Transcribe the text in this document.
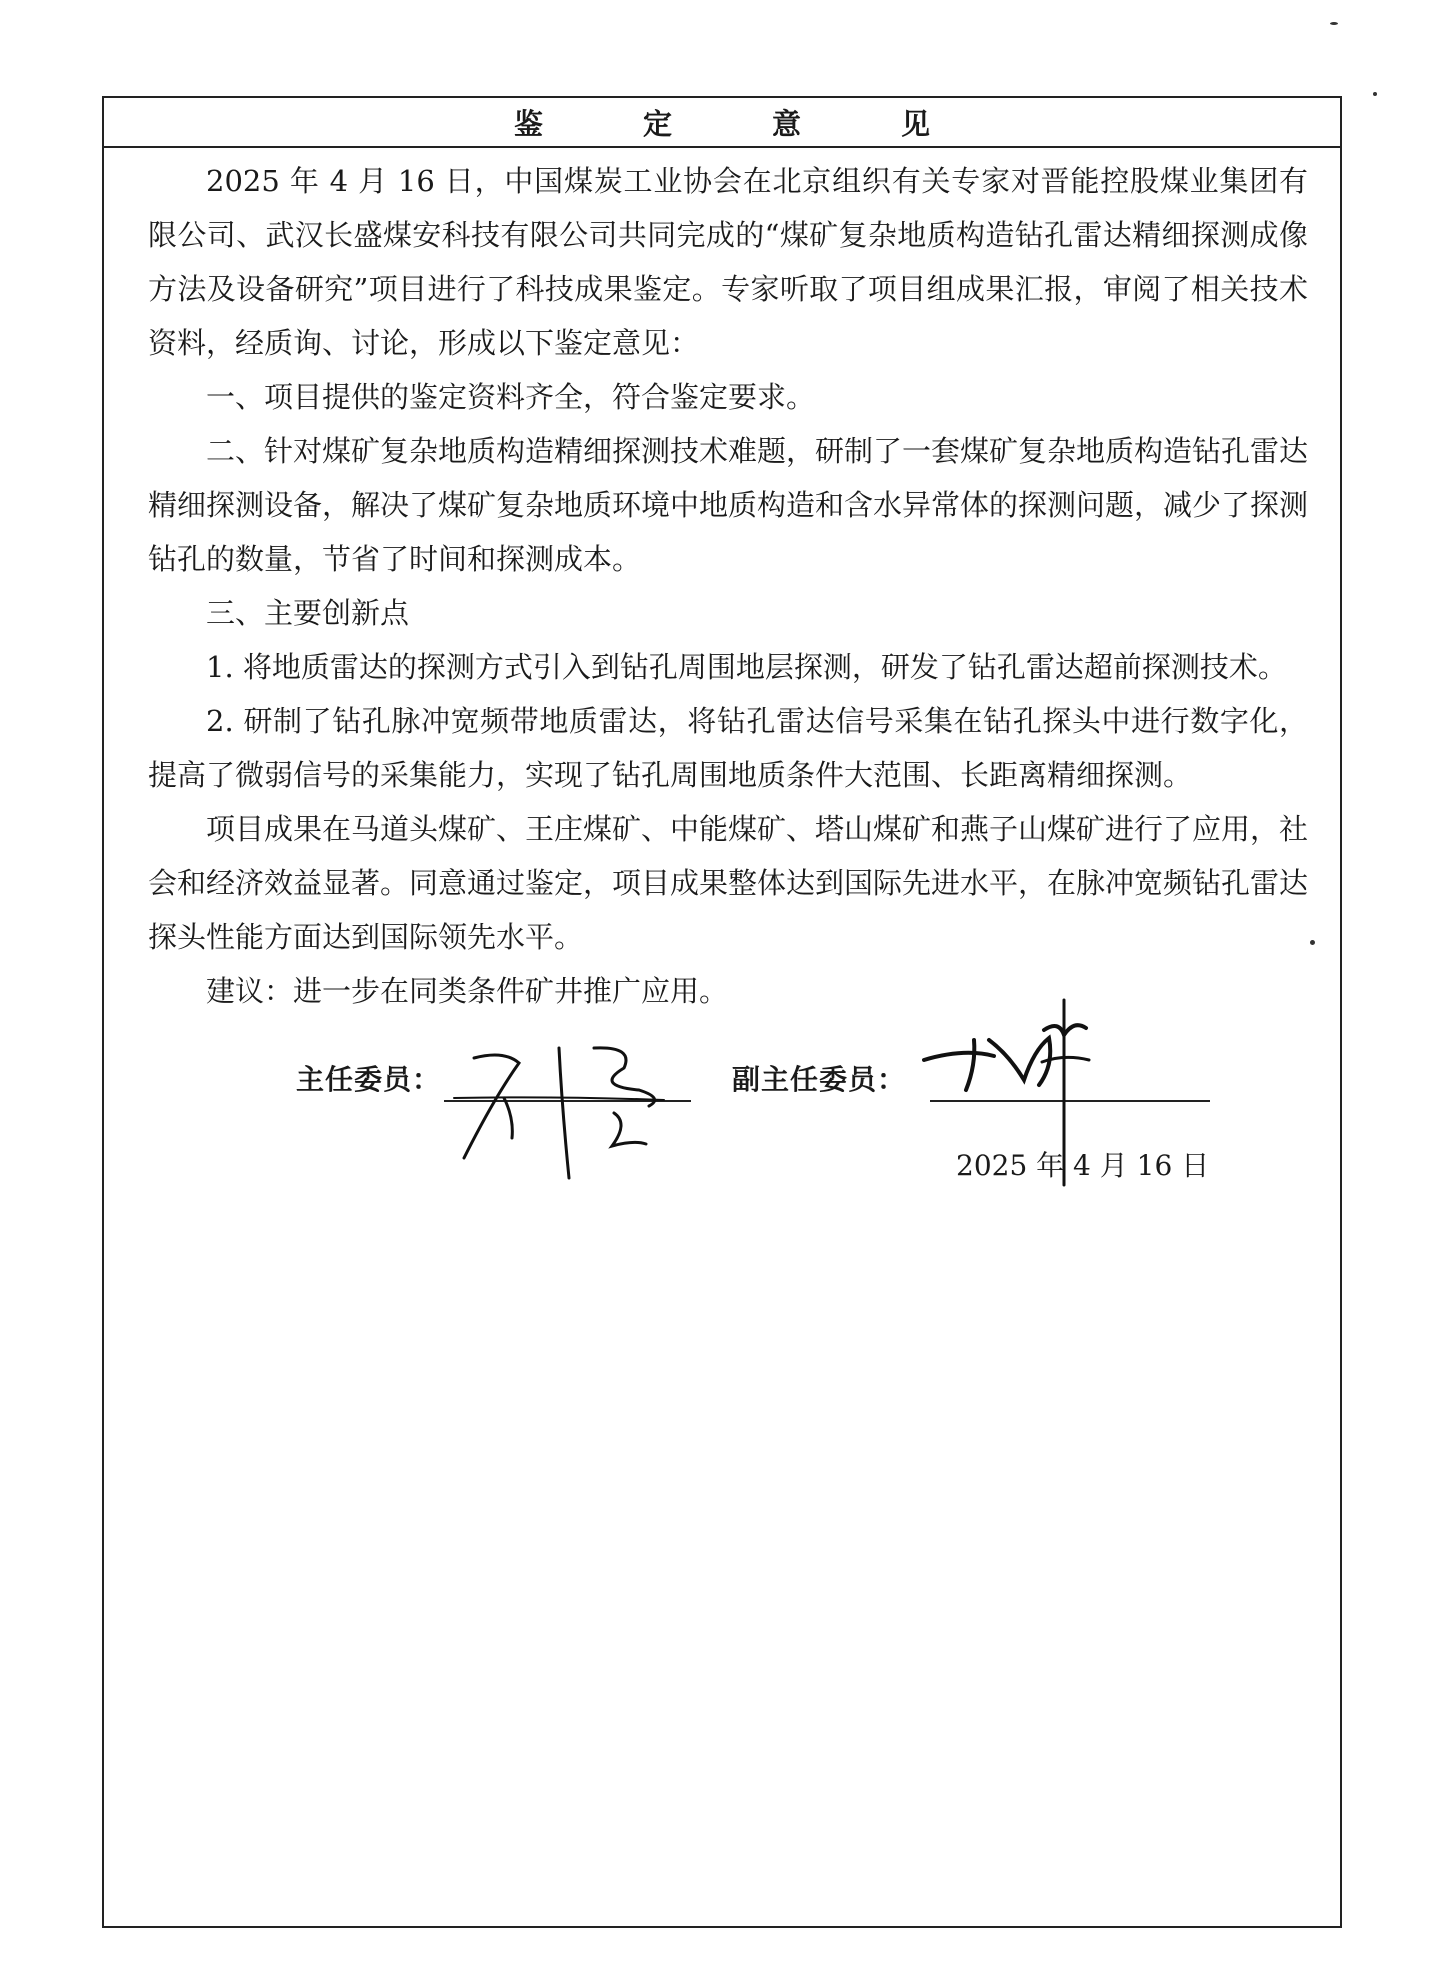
鉴定意见

2025 年 4 月 16 日，中国煤炭工业协会在北京组织有关专家对晋能控股煤业集团有限公司、武汉长盛煤安科技有限公司共同完成的“煤矿复杂地质构造钻孔雷达精细探测成像方法及设备研究”项目进行了科技成果鉴定。专家听取了项目组成果汇报，审阅了相关技术资料，经质询、讨论，形成以下鉴定意见：

一、项目提供的鉴定资料齐全，符合鉴定要求。

二、针对煤矿复杂地质构造精细探测技术难题，研制了一套煤矿复杂地质构造钻孔雷达精细探测设备，解决了煤矿复杂地质环境中地质构造和含水异常体的探测问题，减少了探测钻孔的数量，节省了时间和探测成本。

三、主要创新点

1. 将地质雷达的探测方式引入到钻孔周围地层探测，研发了钻孔雷达超前探测技术。

2. 研制了钻孔脉冲宽频带地质雷达，将钻孔雷达信号采集在钻孔探头中进行数字化，提高了微弱信号的采集能力，实现了钻孔周围地质条件大范围、长距离精细探测。

项目成果在马道头煤矿、王庄煤矿、中能煤矿、塔山煤矿和燕子山煤矿进行了应用，社会和经济效益显著。同意通过鉴定，项目成果整体达到国际先进水平，在脉冲宽频钻孔雷达探头性能方面达到国际领先水平。

建议：进一步在同类条件矿井推广应用。

主任委员：	副主任委员：
2025 年 4 月 16 日
